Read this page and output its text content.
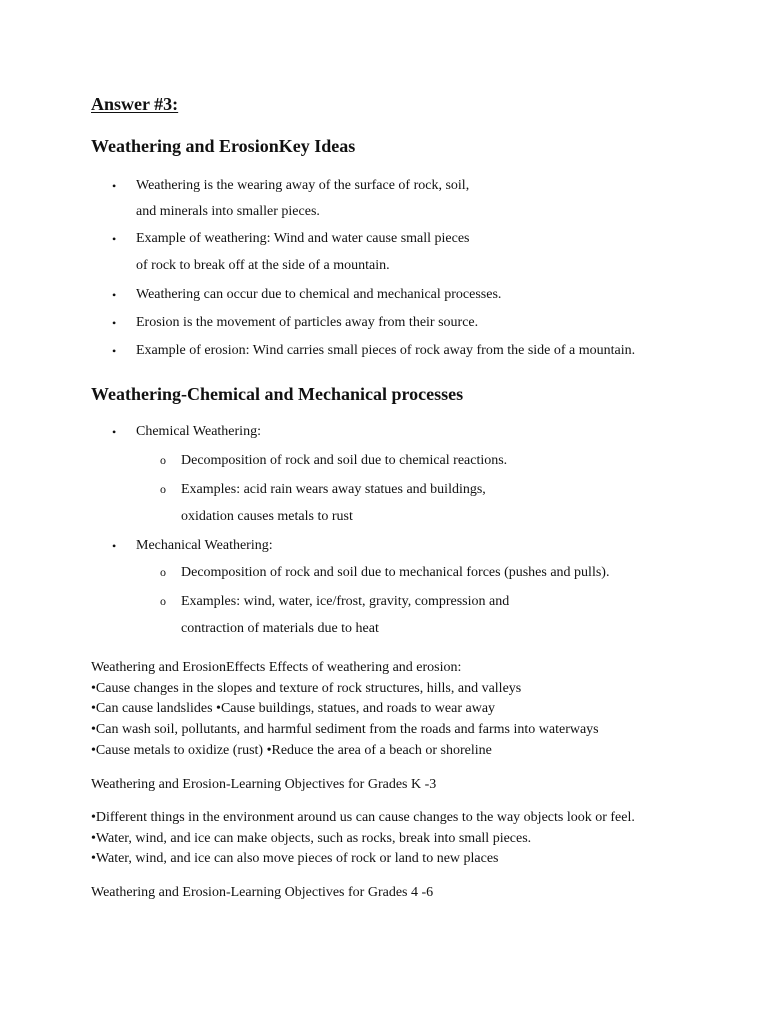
Answer #3:
Weathering and ErosionKey Ideas
• Weathering is the wearing away of the surface of rock, soil,
and minerals into smaller pieces.
• Example of weathering: Wind and water cause small pieces
of rock to break off at the side of a mountain.
• Weathering can occur due to chemical and mechanical processes.
• Erosion is the movement of particles away from their source.
• Example of erosion: Wind carries small pieces of rock away from the side of a mountain.
Weathering-Chemical and Mechanical processes
• Chemical Weathering:
o Decomposition of rock and soil due to chemical reactions.
o Examples: acid rain wears away statues and buildings,
oxidation causes metals to rust
• Mechanical Weathering:
o Decomposition of rock and soil due to mechanical forces (pushes and pulls).
o Examples: wind, water, ice/frost, gravity, compression and
contraction of materials due to heat
Weathering and ErosionEffects Effects of weathering and erosion:
•Cause changes in the slopes and texture of rock structures, hills, and valleys
•Can cause landslides •Cause buildings, statues, and roads to wear away
•Can wash soil, pollutants, and harmful sediment from the roads and farms into waterways
•Cause metals to oxidize (rust) •Reduce the area of a beach or shoreline
Weathering and Erosion-Learning Objectives for Grades K -3
•Different things in the environment around us can cause changes to the way objects look or feel.
•Water, wind, and ice can make objects, such as rocks, break into small pieces.
•Water, wind, and ice can also move pieces of rock or land to new places
Weathering and Erosion-Learning Objectives for Grades 4 -6
